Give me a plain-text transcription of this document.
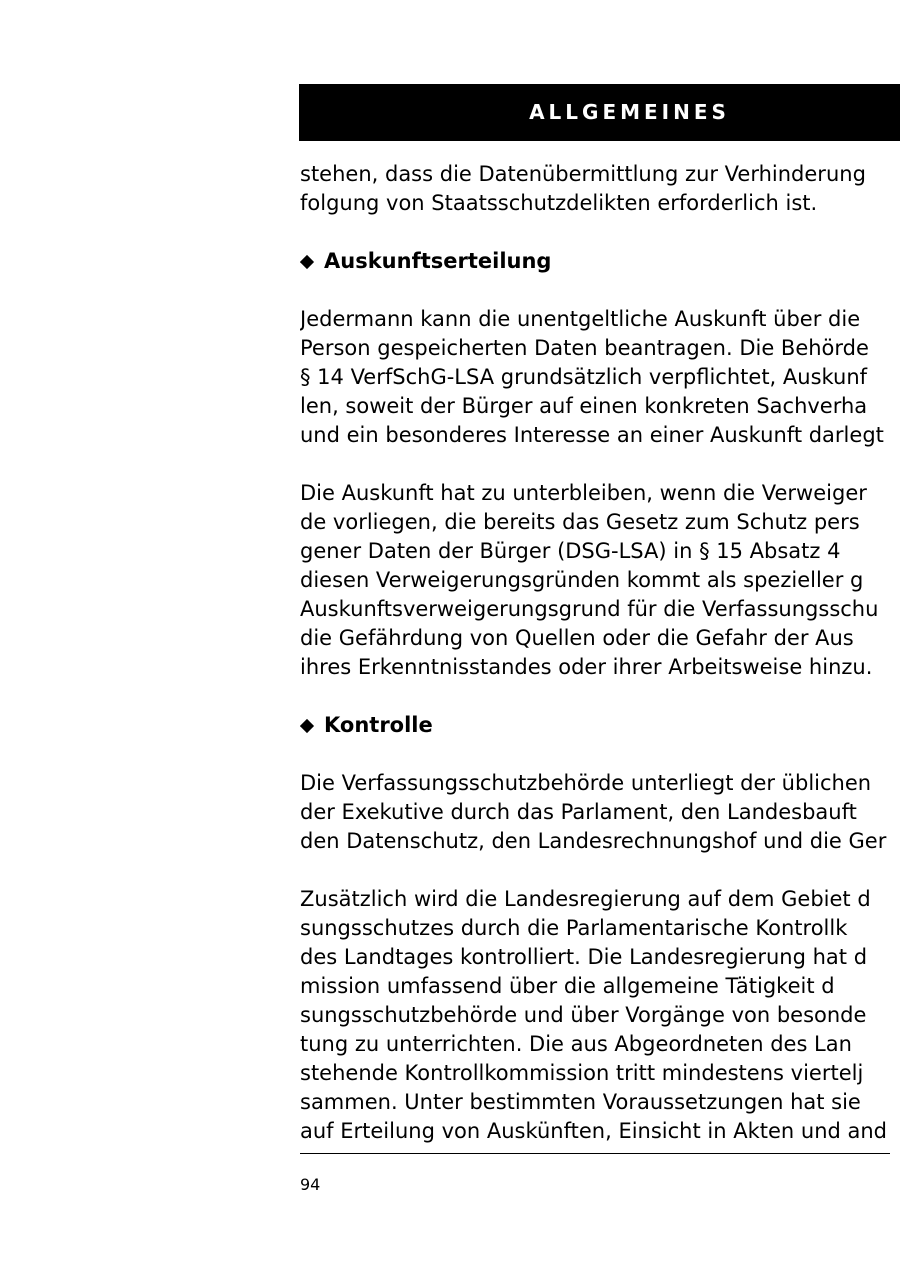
ALLGEMEINES
stehen, dass die Datenübermittlung zur Verhinderung
folgung von Staatsschutzdelikten erforderlich ist.
Auskunftserteilung
Jedermann kann die unentgeltliche Auskunft über die
Person gespeicherten Daten beantragen. Die Behörde
§ 14 VerfSchG-LSA grundsätzlich verpflichtet, Auskunf
len, soweit der Bürger auf einen konkreten Sachverha
und ein besonderes Interesse an einer Auskunft darlegt
Die Auskunft hat zu unterbleiben, wenn die Verweiger
de vorliegen, die bereits das Gesetz zum Schutz pers
gener Daten der Bürger (DSG-LSA) in § 15 Absatz 4
diesen Verweigerungsgründen kommt als spezieller g
Auskunftsverweigerungsgrund für die Verfassungsschu
die Gefährdung von Quellen oder die Gefahr der Aus
ihres Erkenntnisstandes oder ihrer Arbeitsweise hinzu.
Kontrolle
Die Verfassungsschutzbehörde unterliegt der üblichen
der Exekutive durch das Parlament, den Landesbauft
den Datenschutz, den Landesrechnungshof und die Ger
Zusätzlich wird die Landesregierung auf dem Gebiet d
sungsschutzes durch die Parlamentarische Kontrollk
des Landtages kontrolliert. Die Landesregierung hat d
mission umfassend über die allgemeine Tätigkeit d
sungsschutzbehörde und über Vorgänge von besonde
tung zu unterrichten. Die aus Abgeordneten des Lan
stehende Kontrollkommission tritt mindestens viertelj
sammen. Unter bestimmten Voraussetzungen hat sie
auf Erteilung von Auskünften, Einsicht in Akten und and
94
